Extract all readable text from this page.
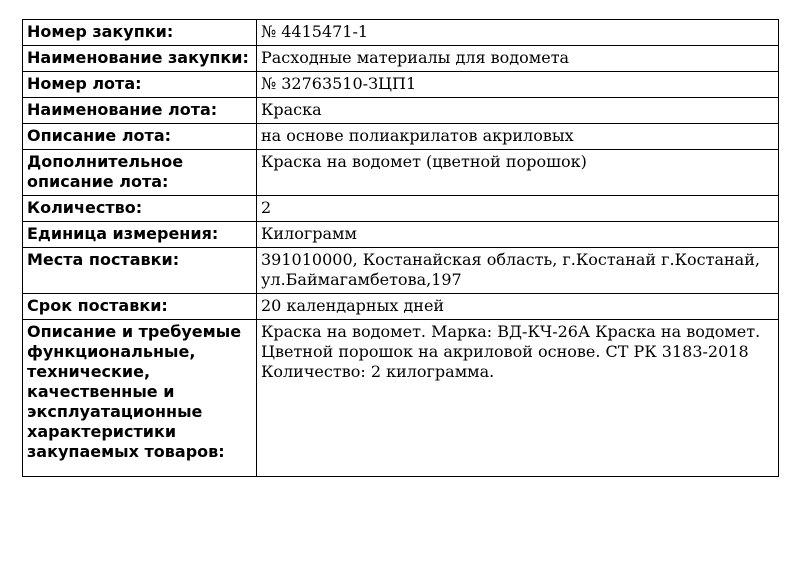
Номер закупки:	№ 4415471-1
Наименование закупки:	Расходные материалы для водомета
Номер лота:	№ 32763510-ЗЦП1
Наименование лота:	Краска
Описание лота:	на основе полиакрилатов акриловых
Дополнительное описание лота:	Краска на водомет (цветной порошок)
Количество:	2
Единица измерения:	Килограмм
Места поставки:	391010000, Костанайская область, г.Костанай г.Костанай, ул.Баймагамбетова,197
Срок поставки:	20 календарных дней
Описание и требуемые функциональные, технические, качественные и эксплуатационные характеристики закупаемых товаров:	Краска на водомет. Марка: ВД-КЧ-26А Краска на водомет. Цветной порошок на акриловой основе. СТ РК 3183-2018 Количество: 2 килограмма.
